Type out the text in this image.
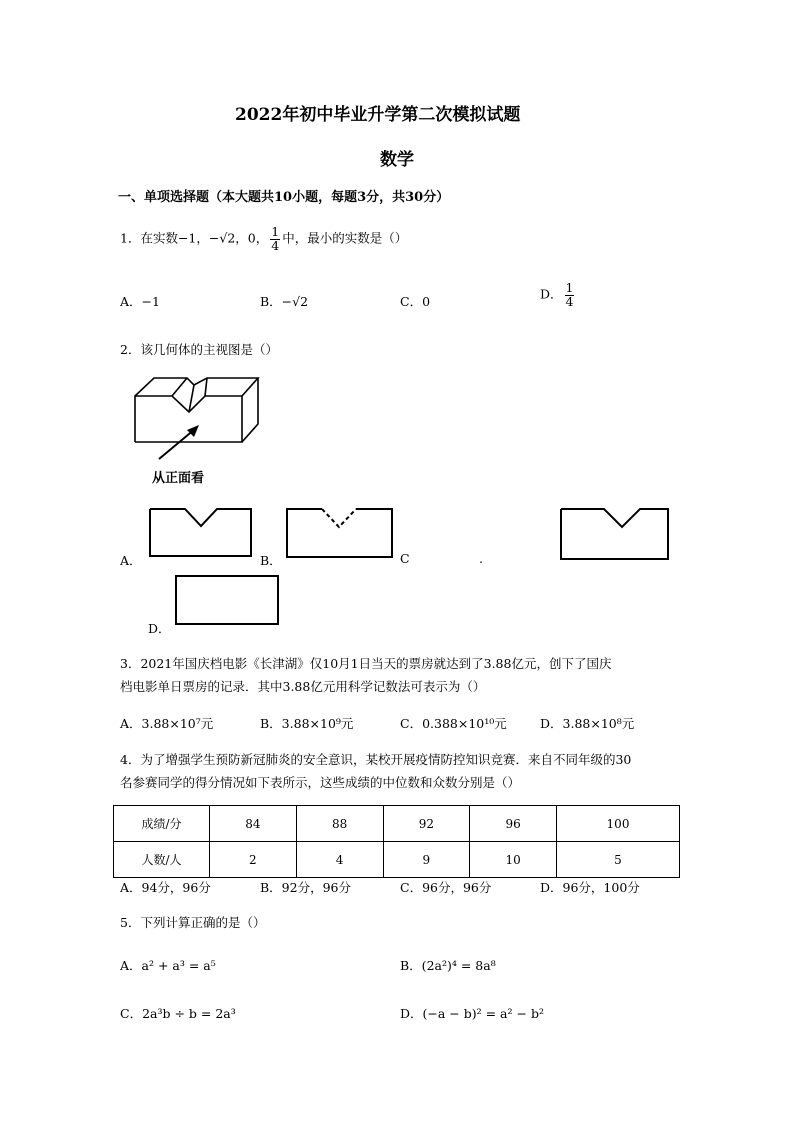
2022年初中毕业升学第二次模拟试题
数学
一、单项选择题（本大题共10小题，每题3分，共30分）
1．在实数−1，−√2，0， $\frac{1}{4}$ 中，最小的实数是（）
A．−1	B．−√2	C．0	D． $\frac{1}{4}$
2．该几何体的主视图是（）
从正面看
A．	B．	C	.
D．
3．2021年国庆档电影《长津湖》仅10月1日当天的票房就达到了3.88亿元，创下了国庆
档电影单日票房的记录．其中3.88亿元用科学记数法可表示为（）
A．3.88×10⁷元	B．3.88×10⁹元	C．0.388×10¹⁰元	D．3.88×10⁸元
4．为了增强学生预防新冠肺炎的安全意识，某校开展疫情防控知识竞赛．来自不同年级的30
名参赛同学的得分情况如下表所示，这些成绩的中位数和众数分别是（）
成绩/分	84	88	92	96	100
人数/人	2	4	9	10	5
A．94分，96分	B．92分，96分	C．96分，96分	D．96分，100分
5．下列计算正确的是（）
A．a² + a³ = a⁵	B．(2a²)⁴ = 8a⁸
C．2a³b ÷ b = 2a³	D．(−a − b)² = a² − b²
